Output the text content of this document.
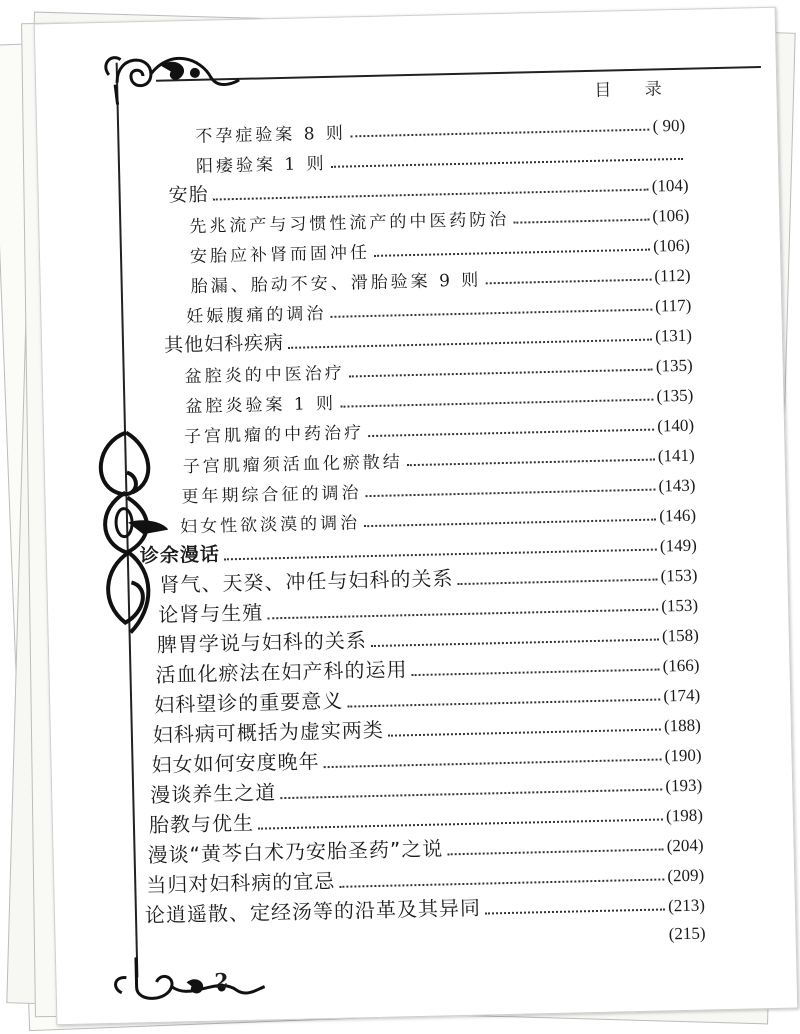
目 录
不孕症验案 8 则	( 90)
阳痿验案 1 则
安胎	(104)
先兆流产与习惯性流产的中医药防治	(106)
安胎应补肾而固冲任	(106)
胎漏、胎动不安、滑胎验案 9 则	(112)
妊娠腹痛的调治	(117)
其他妇科疾病	(131)
盆腔炎的中医治疗	(135)
盆腔炎验案 1 则	(135)
子宫肌瘤的中药治疗	(140)
子宫肌瘤须活血化瘀散结	(141)
更年期综合征的调治	(143)
妇女性欲淡漠的调治	(146)
诊余漫话	(149)
肾气、天癸、冲任与妇科的关系	(153)
论肾与生殖	(153)
脾胃学说与妇科的关系	(158)
活血化瘀法在妇产科的运用	(166)
妇科望诊的重要意义	(174)
妇科病可概括为虚实两类	(188)
妇女如何安度晚年	(190)
漫谈养生之道	(193)
胎教与优生	(198)
漫谈“黄芩白术乃安胎圣药”之说	(204)
当归对妇科病的宜忌	(209)
论逍遥散、定经汤等的沿革及其异同	(213)
(215)
2
